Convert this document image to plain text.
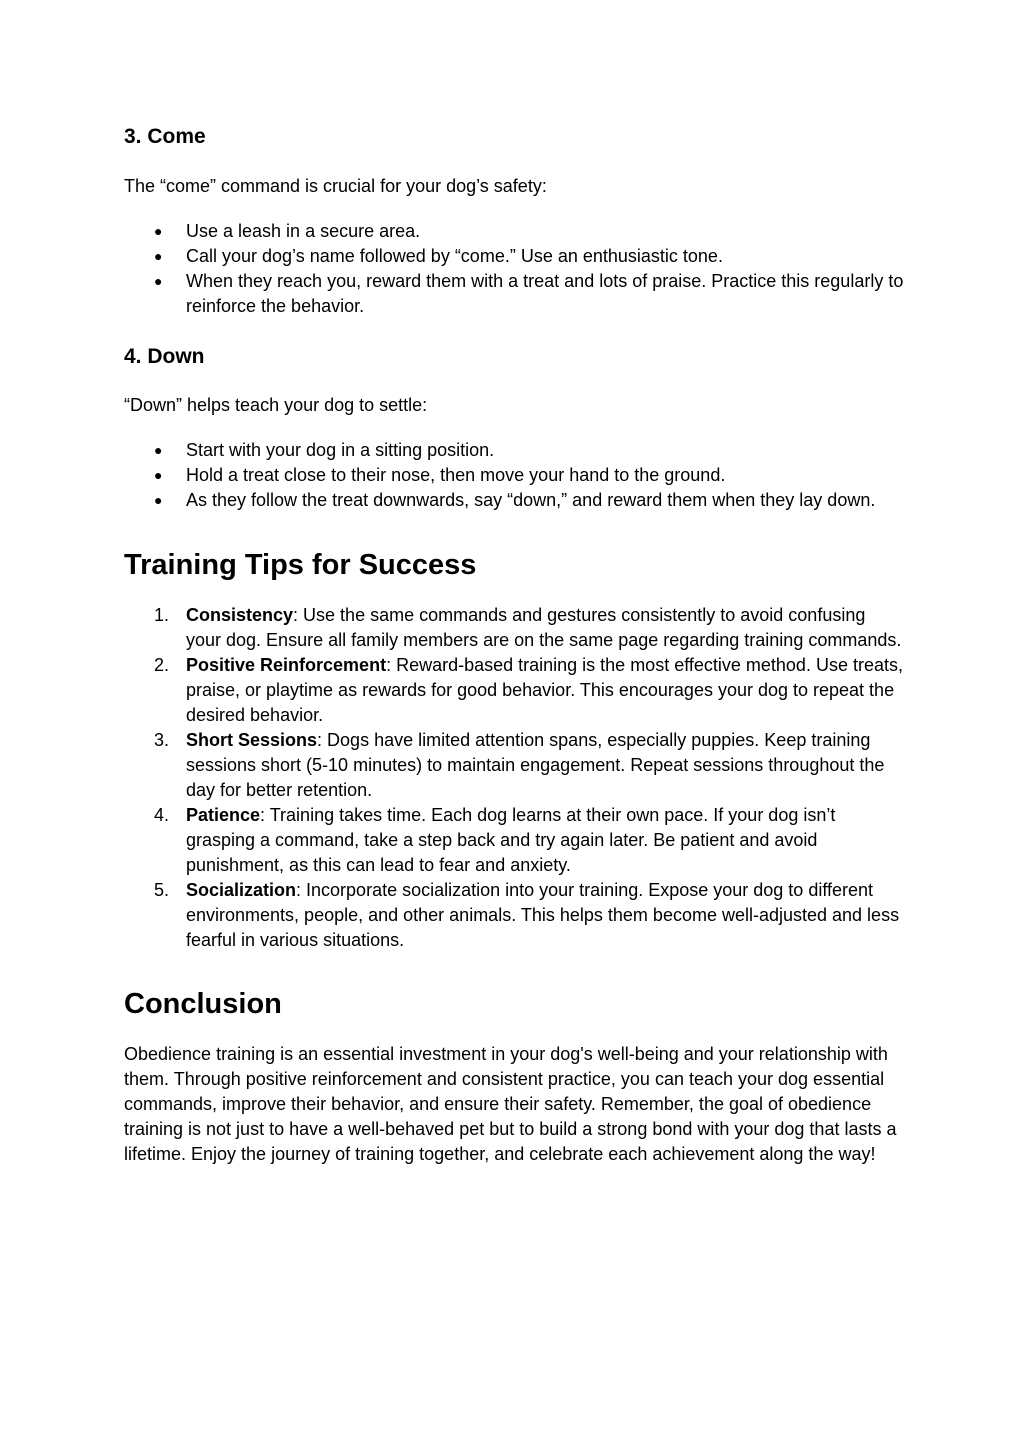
3. Come

The “come” command is crucial for your dog’s safety:

● Use a leash in a secure area.
● Call your dog’s name followed by “come.” Use an enthusiastic tone.
● When they reach you, reward them with a treat and lots of praise. Practice this regularly to reinforce the behavior.
4. Down

“Down” helps teach your dog to settle:

● Start with your dog in a sitting position.
● Hold a treat close to their nose, then move your hand to the ground.
● As they follow the treat downwards, say “down,” and reward them when they lay down.
Training Tips for Success
1. Consistency: Use the same commands and gestures consistently to avoid confusing your dog. Ensure all family members are on the same page regarding training commands.
2. Positive Reinforcement: Reward-based training is the most effective method. Use treats, praise, or playtime as rewards for good behavior. This encourages your dog to repeat the desired behavior.
3. Short Sessions: Dogs have limited attention spans, especially puppies. Keep training sessions short (5-10 minutes) to maintain engagement. Repeat sessions throughout the day for better retention.
4. Patience: Training takes time. Each dog learns at their own pace. If your dog isn’t grasping a command, take a step back and try again later. Be patient and avoid punishment, as this can lead to fear and anxiety.
5. Socialization: Incorporate socialization into your training. Expose your dog to different environments, people, and other animals. This helps them become well-adjusted and less fearful in various situations.
Conclusion

Obedience training is an essential investment in your dog's well-being and your relationship with them. Through positive reinforcement and consistent practice, you can teach your dog essential commands, improve their behavior, and ensure their safety. Remember, the goal of obedience training is not just to have a well-behaved pet but to build a strong bond with your dog that lasts a lifetime. Enjoy the journey of training together, and celebrate each achievement along the way!
